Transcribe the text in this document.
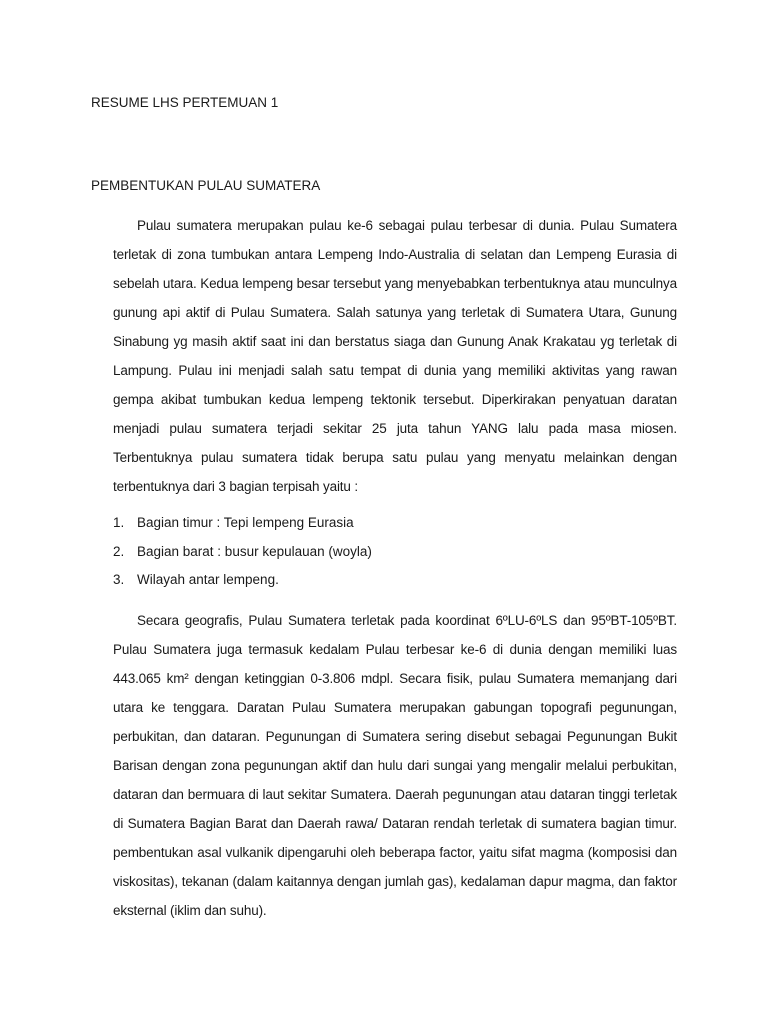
RESUME LHS PERTEMUAN 1
PEMBENTUKAN PULAU SUMATERA

Pulau sumatera merupakan pulau ke-6 sebagai pulau terbesar di dunia. Pulau Sumatera terletak di zona tumbukan antara Lempeng Indo-Australia di selatan dan Lempeng Eurasia di sebelah utara. Kedua lempeng besar tersebut yang menyebabkan terbentuknya atau munculnya gunung api aktif di Pulau Sumatera. Salah satunya yang terletak di Sumatera Utara, Gunung Sinabung yg masih aktif saat ini dan berstatus siaga dan Gunung Anak Krakatau yg terletak di Lampung. Pulau ini menjadi salah satu tempat di dunia yang memiliki aktivitas yang rawan gempa akibat tumbukan kedua lempeng tektonik tersebut. Diperkirakan penyatuan daratan menjadi pulau sumatera terjadi sekitar 25 juta tahun YANG lalu pada masa miosen. Terbentuknya pulau sumatera tidak berupa satu pulau yang menyatu melainkan dengan terbentuknya dari 3 bagian terpisah yaitu :

1. Bagian timur : Tepi lempeng Eurasia
2. Bagian barat : busur kepulauan (woyla)
3. Wilayah antar lempeng.

Secara geografis, Pulau Sumatera terletak pada koordinat 6ºLU-6ºLS dan 95ºBT-105ºBT. Pulau Sumatera juga termasuk kedalam Pulau terbesar ke-6 di dunia dengan memiliki luas 443.065 km² dengan ketinggian 0-3.806 mdpl. Secara fisik, pulau Sumatera memanjang dari utara ke tenggara. Daratan Pulau Sumatera merupakan gabungan topografi pegunungan, perbukitan, dan dataran. Pegunungan di Sumatera sering disebut sebagai Pegunungan Bukit Barisan dengan zona pegunungan aktif dan hulu dari sungai yang mengalir melalui perbukitan, dataran dan bermuara di laut sekitar Sumatera. Daerah pegunungan atau dataran tinggi terletak di Sumatera Bagian Barat dan Daerah rawa/ Dataran rendah terletak di sumatera bagian timur. pembentukan asal vulkanik dipengaruhi oleh beberapa factor, yaitu sifat magma (komposisi dan viskositas), tekanan (dalam kaitannya dengan jumlah gas), kedalaman dapur magma, dan faktor eksternal (iklim dan suhu).
